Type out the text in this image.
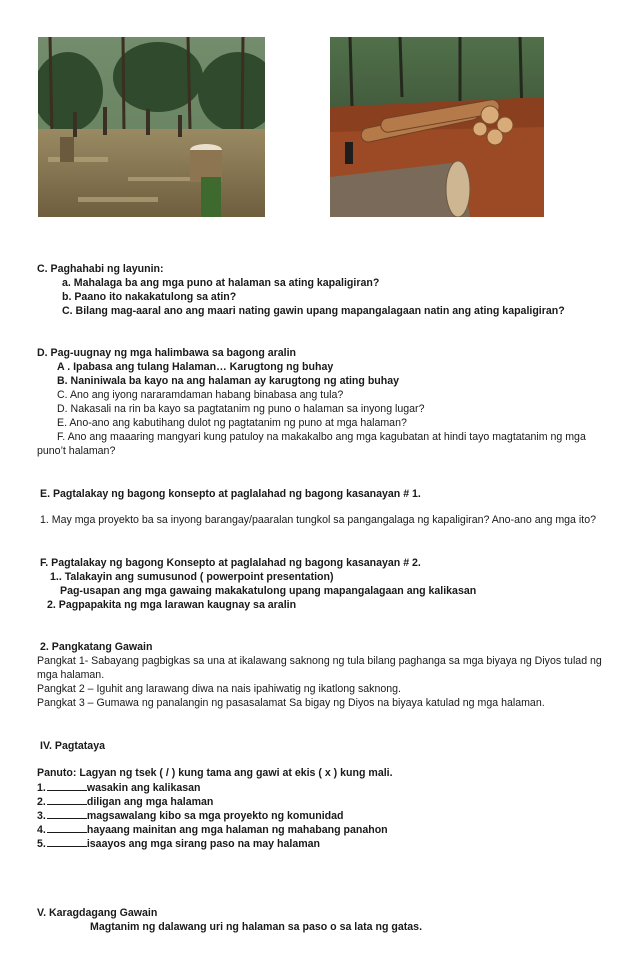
C. Paghahabi ng layunin:
a. Mahalaga ba ang mga puno at halaman sa ating kapaligiran?
b. Paano ito nakakatulong sa atin?
C. Bilang mag-aaral ano ang maari nating gawin upang mapangalagaan natin ang ating kapaligiran?
D. Pag-uugnay ng mga halimbawa sa bagong aralin
A . Ipabasa ang tulang Halaman… Karugtong ng buhay
B. Naniniwala ba kayo na ang halaman ay karugtong ng ating buhay
C. Ano ang iyong nararamdaman habang binabasa ang tula?
D. Nakasali na rin ba kayo sa pagtatanim ng puno o halaman sa inyong lugar?
E. Ano-ano ang kabutihang dulot ng pagtatanim ng puno at mga halaman?
F. Ano ang maaaring mangyari kung patuloy na makakalbo ang mga kagubatan at hindi tayo magtatanim ng mga
puno’t halaman?
E. Pagtalakay ng bagong konsepto at paglalahad ng bagong kasanayan # 1.
1. May mga proyekto ba sa inyong barangay/paaralan tungkol sa pangangalaga ng kapaligiran? Ano-ano ang mga ito?
F. Pagtalakay ng bagong Konsepto at paglalahad ng bagong kasanayan # 2.
1.. Talakayin ang sumusunod ( powerpoint presentation)
Pag-usapan ang mga gawaing makakatulong upang mapangalagaan ang kalikasan
2. Pagpapakita ng mga larawan kaugnay sa aralin
2. Pangkatang Gawain
Pangkat 1- Sabayang pagbigkas sa una at ikalawang saknong ng tula bilang paghanga sa mga biyaya ng Diyos tulad ng
mga halaman.
Pangkat 2 – Iguhit ang larawang diwa na nais ipahiwatig ng ikatlong saknong.
Pangkat 3 – Gumawa ng panalangin ng pasasalamat Sa bigay ng Diyos na biyaya katulad ng mga halaman.
IV. Pagtataya
Panuto: Lagyan ng tsek ( / ) kung tama ang gawi at ekis ( x ) kung mali.
1.	wasakin ang kalikasan
2.	diligan ang mga halaman
3.	magsawalang kibo sa mga proyekto ng komunidad
4.	hayaang mainitan ang mga halaman ng mahabang panahon
5.	isaayos ang mga sirang paso na may halaman
V. Karagdagang Gawain
Magtanim ng dalawang uri ng halaman sa paso o sa lata ng gatas.
